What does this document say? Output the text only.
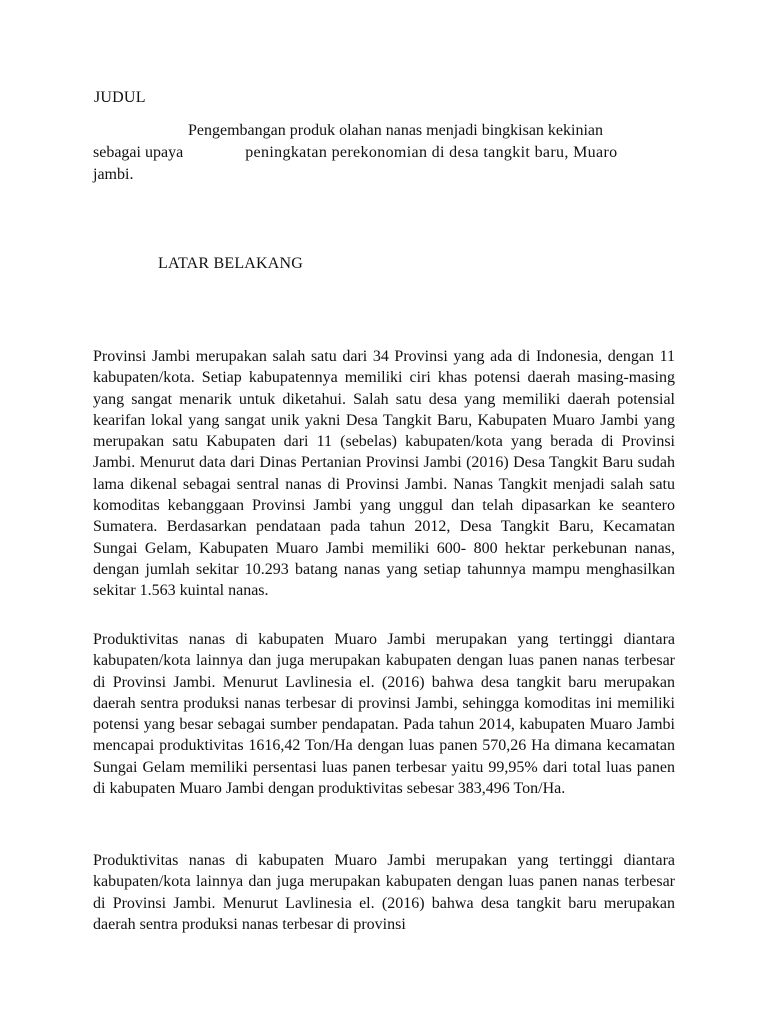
JUDUL
Pengembangan produk olahan nanas menjadi bingkisan kekinian
sebagai upaya	peningkatan perekonomian di desa tangkit baru, Muaro
jambi.
LATAR BELAKANG

Provinsi Jambi merupakan salah satu dari 34 Provinsi yang ada di Indonesia, dengan 11 kabupaten/kota. Setiap kabupatennya memiliki ciri khas potensi daerah masing-masing yang sangat menarik untuk diketahui. Salah satu desa yang memiliki daerah potensial kearifan lokal yang sangat unik yakni Desa Tangkit Baru, Kabupaten Muaro Jambi yang merupakan satu Kabupaten dari 11 (sebelas) kabupaten/kota yang berada di Provinsi Jambi. Menurut data dari Dinas Pertanian Provinsi Jambi (2016) Desa Tangkit Baru sudah lama dikenal sebagai sentral nanas di Provinsi Jambi. Nanas Tangkit menjadi salah satu komoditas kebanggaan Provinsi Jambi yang unggul dan telah dipasarkan ke seantero Sumatera. Berdasarkan pendataan pada tahun 2012, Desa Tangkit Baru, Kecamatan Sungai Gelam, Kabupaten Muaro Jambi memiliki 600- 800 hektar perkebunan nanas, dengan jumlah sekitar 10.293 batang nanas yang setiap tahunnya mampu menghasilkan sekitar 1.563 kuintal nanas.

Produktivitas nanas di kabupaten Muaro Jambi merupakan yang tertinggi diantara kabupaten/kota lainnya dan juga merupakan kabupaten dengan luas panen nanas terbesar di Provinsi Jambi. Menurut Lavlinesia el. (2016) bahwa desa tangkit baru merupakan daerah sentra produksi nanas terbesar di provinsi Jambi, sehingga komoditas ini memiliki potensi yang besar sebagai sumber pendapatan. Pada tahun 2014, kabupaten Muaro Jambi mencapai produktivitas 1616,42 Ton/Ha dengan luas panen 570,26 Ha dimana kecamatan Sungai Gelam memiliki persentasi luas panen terbesar yaitu 99,95% dari total luas panen di kabupaten Muaro Jambi dengan produktivitas sebesar 383,496 Ton/Ha.

Produktivitas nanas di kabupaten Muaro Jambi merupakan yang tertinggi diantara kabupaten/kota lainnya dan juga merupakan kabupaten dengan luas panen nanas terbesar di Provinsi Jambi. Menurut Lavlinesia el. (2016) bahwa desa tangkit baru merupakan daerah sentra produksi nanas terbesar di provinsi
